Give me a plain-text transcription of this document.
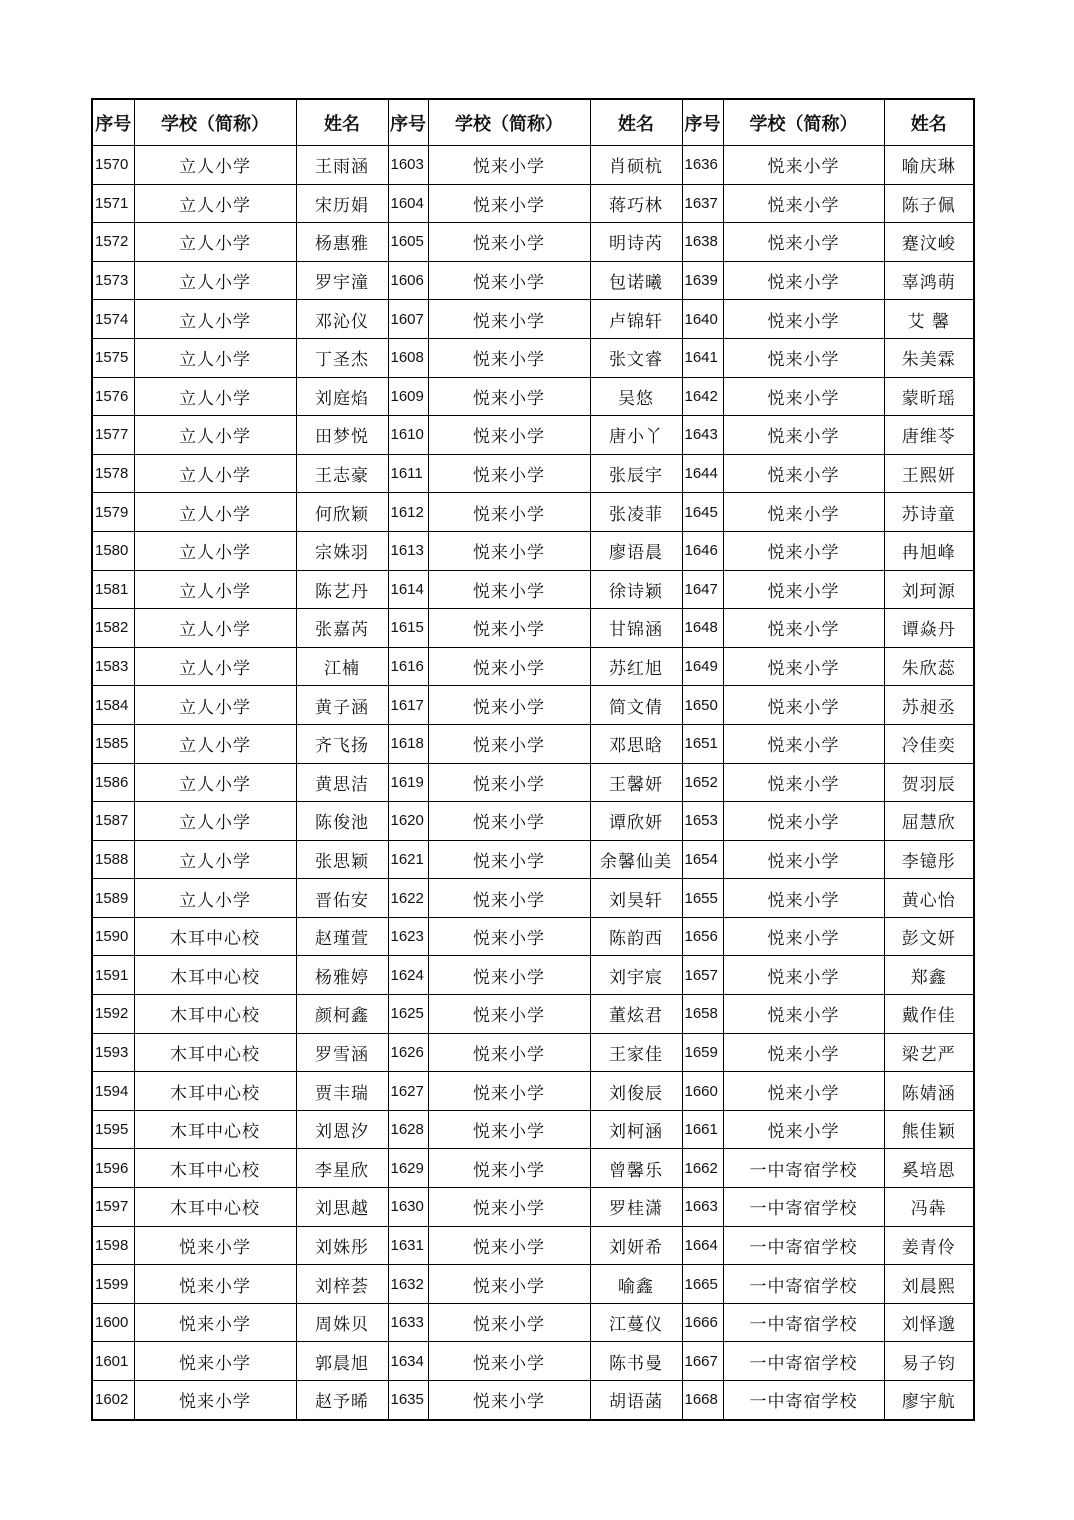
序号	学校（简称）	姓名	序号	学校（简称）	姓名	序号	学校（简称）	姓名
1570	立人小学	王雨涵	1603	悦来小学	肖硕杭	1636	悦来小学	喻庆琳
1571	立人小学	宋历娟	1604	悦来小学	蒋巧林	1637	悦来小学	陈子佩
1572	立人小学	杨惠雅	1605	悦来小学	明诗芮	1638	悦来小学	蹇汶峻
1573	立人小学	罗宇潼	1606	悦来小学	包诺曦	1639	悦来小学	辜鸿萌
1574	立人小学	邓沁仪	1607	悦来小学	卢锦轩	1640	悦来小学	艾 馨
1575	立人小学	丁圣杰	1608	悦来小学	张文睿	1641	悦来小学	朱美霖
1576	立人小学	刘庭焰	1609	悦来小学	吴悠	1642	悦来小学	蒙昕瑶
1577	立人小学	田梦悦	1610	悦来小学	唐小丫	1643	悦来小学	唐维苓
1578	立人小学	王志豪	1611	悦来小学	张辰宇	1644	悦来小学	王熙妍
1579	立人小学	何欣颖	1612	悦来小学	张凌菲	1645	悦来小学	苏诗童
1580	立人小学	宗姝羽	1613	悦来小学	廖语晨	1646	悦来小学	冉旭峰
1581	立人小学	陈艺丹	1614	悦来小学	徐诗颖	1647	悦来小学	刘珂源
1582	立人小学	张嘉芮	1615	悦来小学	甘锦涵	1648	悦来小学	谭焱丹
1583	立人小学	江楠	1616	悦来小学	苏红旭	1649	悦来小学	朱欣蕊
1584	立人小学	黄子涵	1617	悦来小学	简文倩	1650	悦来小学	苏昶丞
1585	立人小学	齐飞扬	1618	悦来小学	邓思晗	1651	悦来小学	冷佳奕
1586	立人小学	黄思洁	1619	悦来小学	王馨妍	1652	悦来小学	贺羽辰
1587	立人小学	陈俊池	1620	悦来小学	谭欣妍	1653	悦来小学	屈慧欣
1588	立人小学	张思颖	1621	悦来小学	余馨仙美	1654	悦来小学	李镱彤
1589	立人小学	晋佑安	1622	悦来小学	刘昊轩	1655	悦来小学	黄心怡
1590	木耳中心校	赵瑾萱	1623	悦来小学	陈韵西	1656	悦来小学	彭文妍
1591	木耳中心校	杨雅婷	1624	悦来小学	刘宇宸	1657	悦来小学	郑鑫
1592	木耳中心校	颜柯鑫	1625	悦来小学	董炫君	1658	悦来小学	戴作佳
1593	木耳中心校	罗雪涵	1626	悦来小学	王家佳	1659	悦来小学	梁艺严
1594	木耳中心校	贾丰瑞	1627	悦来小学	刘俊辰	1660	悦来小学	陈婧涵
1595	木耳中心校	刘恩汐	1628	悦来小学	刘柯涵	1661	悦来小学	熊佳颖
1596	木耳中心校	李星欣	1629	悦来小学	曾馨乐	1662	一中寄宿学校	奚培恩
1597	木耳中心校	刘思越	1630	悦来小学	罗桂潇	1663	一中寄宿学校	冯犇
1598	悦来小学	刘姝彤	1631	悦来小学	刘妍希	1664	一中寄宿学校	姜青伶
1599	悦来小学	刘梓荟	1632	悦来小学	喻鑫	1665	一中寄宿学校	刘晨熙
1600	悦来小学	周姝贝	1633	悦来小学	江蔓仪	1666	一中寄宿学校	刘怿邈
1601	悦来小学	郭晨旭	1634	悦来小学	陈书曼	1667	一中寄宿学校	易子钧
1602	悦来小学	赵予晞	1635	悦来小学	胡语菡	1668	一中寄宿学校	廖宇航
